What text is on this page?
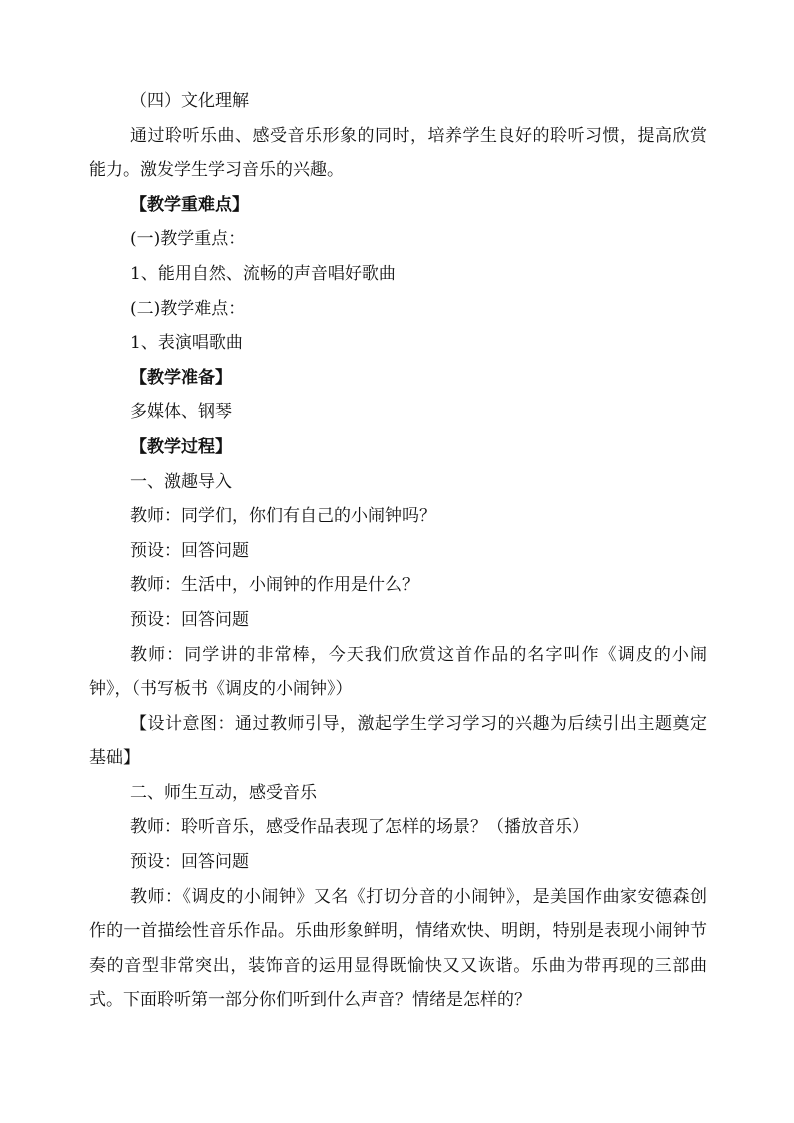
（四）文化理解

通过聆听乐曲、感受音乐形象的同时，培养学生良好的聆听习惯，提高欣赏能力。激发学生学习音乐的兴趣。

【教学重难点】
(一)教学重点：
1、能用自然、流畅的声音唱好歌曲
(二)教学难点：
1、表演唱歌曲
【教学准备】
多媒体、钢琴
【教学过程】
一、激趣导入
教师：同学们，你们有自己的小闹钟吗？
预设：回答问题
教师：生活中，小闹钟的作用是什么？
预设：回答问题

教师：同学讲的非常棒，今天我们欣赏这首作品的名字叫作《调皮的小闹钟》，（书写板书《调皮的小闹钟》）

【设计意图：通过教师引导，激起学生学习学习的兴趣为后续引出主题奠定基础】

二、师生互动，感受音乐
教师：聆听音乐，感受作品表现了怎样的场景？（播放音乐）
预设：回答问题

教师：《调皮的小闹钟》又名《打切分音的小闹钟》，是美国作曲家安德森创作的一首描绘性音乐作品。乐曲形象鲜明，情绪欢快、明朗，特别是表现小闹钟节奏的音型非常突出，装饰音的运用显得既愉快又又诙谐。乐曲为带再现的三部曲式。下面聆听第一部分你们听到什么声音？情绪是怎样的？
